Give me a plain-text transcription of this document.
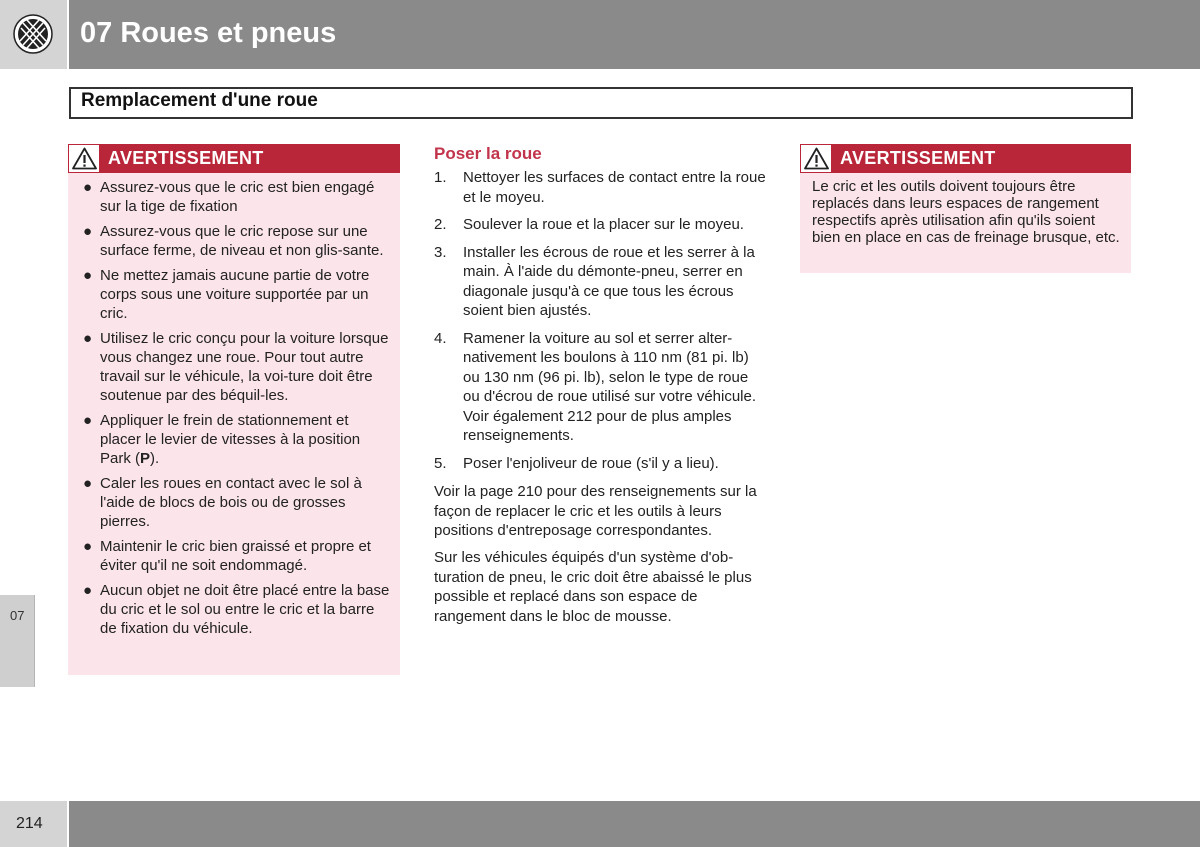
07 Roues et pneus
07
Remplacement d'une roue
AVERTISSEMENT
● Assurez-vous que le cric est bien engagé sur la tige de fixation
● Assurez-vous que le cric repose sur une surface ferme, de niveau et non glis-sante.
● Ne mettez jamais aucune partie de votre corps sous une voiture supportée par un cric.
● Utilisez le cric conçu pour la voiture lorsque vous changez une roue. Pour tout autre travail sur le véhicule, la voi-ture doit être soutenue par des béquil-les.
● Appliquer le frein de stationnement et placer le levier de vitesses à la position Park (P).
● Caler les roues en contact avec le sol à l'aide de blocs de bois ou de grosses pierres.
● Maintenir le cric bien graissé et propre et éviter qu'il ne soit endommagé.
● Aucun objet ne doit être placé entre la base du cric et le sol ou entre le cric et la barre de fixation du véhicule.
Poser la roue
1. Nettoyer les surfaces de contact entre la roue et le moyeu.
2. Soulever la roue et la placer sur le moyeu.
3. Installer les écrous de roue et les serrer à la main. À l'aide du démonte-pneu, serrer en diagonale jusqu'à ce que tous les écrous soient bien ajustés.
4. Ramener la voiture au sol et serrer alter-nativement les boulons à 110 nm (81 pi. lb) ou 130 nm (96 pi. lb), selon le type de roue ou d'écrou de roue utilisé sur votre véhicule. Voir également 212 pour de plus amples renseignements.
5. Poser l'enjoliveur de roue (s'il y a lieu).

Voir la page 210 pour des renseignements sur la façon de replacer le cric et les outils à leurs positions d'entreposage correspondantes.

Sur les véhicules équipés d'un système d'ob-turation de pneu, le cric doit être abaissé le plus possible et replacé dans son espace de rangement dans le bloc de mousse.

AVERTISSEMENT
Le cric et les outils doivent toujours être replacés dans leurs espaces de rangement respectifs après utilisation afin qu'ils soient bien en place en cas de freinage brusque, etc.
214
